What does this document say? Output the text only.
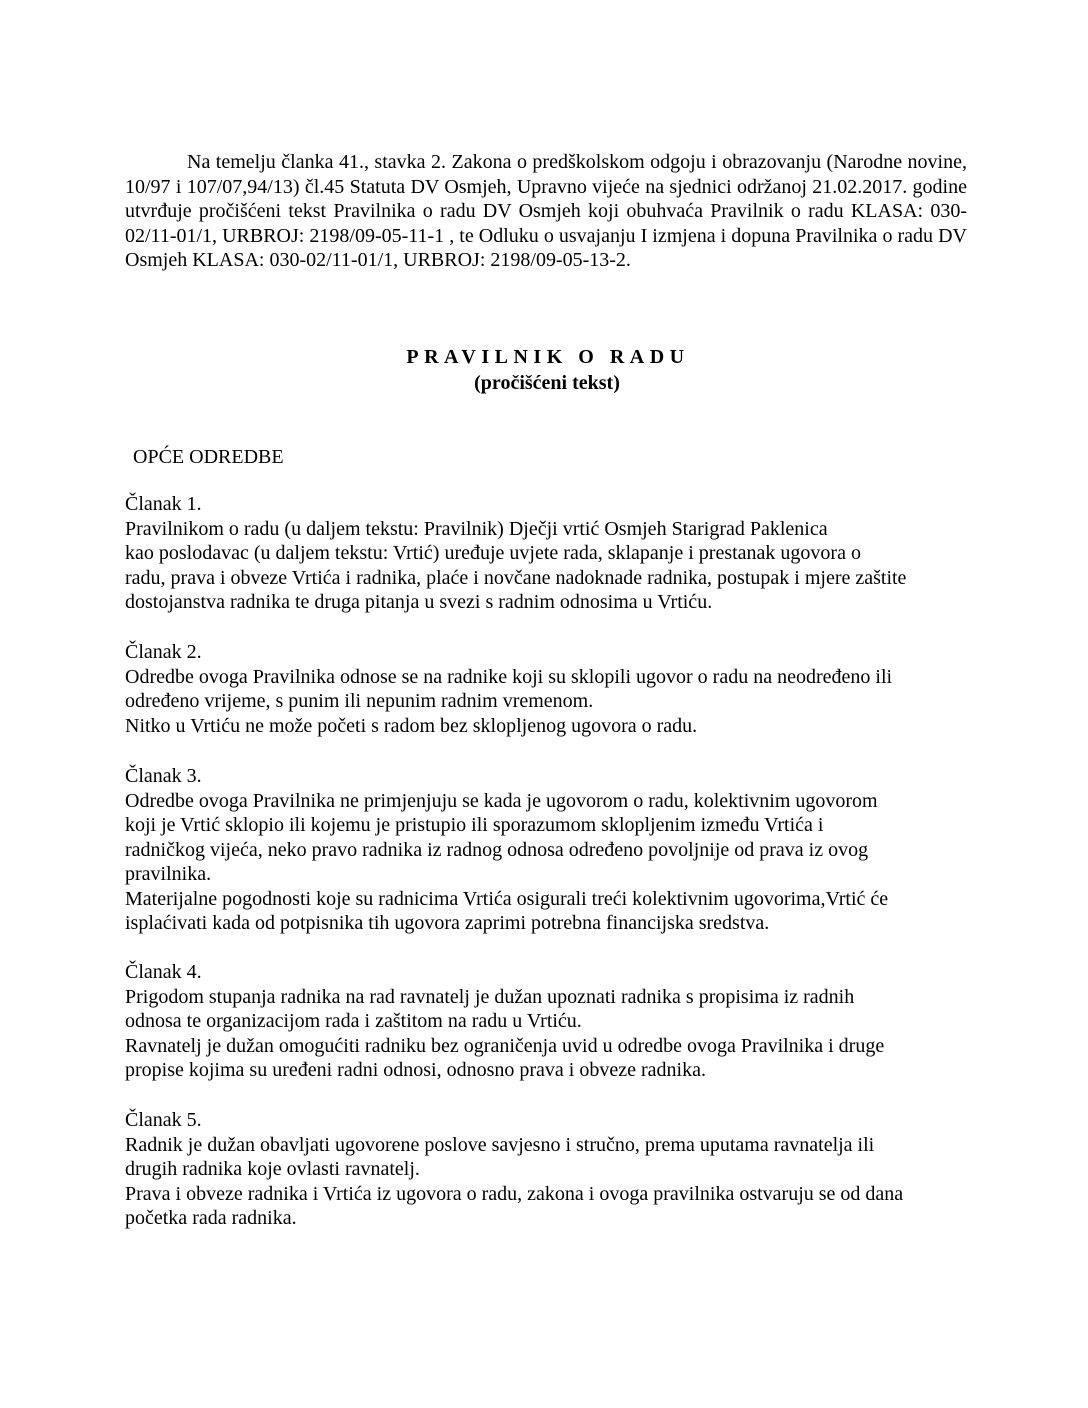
Na temelju članka 41., stavka 2. Zakona o predškolskom odgoju i obrazovanju (Narodne novine, 10/97 i 107/07,94/13) čl.45 Statuta DV Osmjeh, Upravno vijeće na sjednici održanoj 21.02.2017. godine utvrđuje pročišćeni tekst Pravilnika o radu DV Osmjeh koji obuhvaća Pravilnik o radu KLASA: 030-02/11-01/1, URBROJ: 2198/09-05-11-1 , te Odluku o usvajanju I izmjena i dopuna Pravilnika o radu DV Osmjeh KLASA: 030-02/11-01/1, URBROJ: 2198/09-05-13-2.

PRAVILNIK O RADU

(pročišćeni tekst)

OPĆE ODREDBE

Članak 1.

Pravilnikom o radu (u daljem tekstu: Pravilnik) Dječji vrtić Osmjeh Starigrad Paklenica

kao poslodavac (u daljem tekstu: Vrtić) uređuje uvjete rada, sklapanje i prestanak ugovora o

radu, prava i obveze Vrtića i radnika, plaće i novčane nadoknade radnika, postupak i mjere zaštite

dostojanstva radnika te druga pitanja u svezi s radnim odnosima u Vrtiću.

Članak 2.

Odredbe ovoga Pravilnika odnose se na radnike koji su sklopili ugovor o radu na neodređeno ili

određeno vrijeme, s punim ili nepunim radnim vremenom.

Nitko u Vrtiću ne može početi s radom bez sklopljenog ugovora o radu.

Članak 3.

Odredbe ovoga Pravilnika ne primjenjuju se kada je ugovorom o radu, kolektivnim ugovorom

koji je Vrtić sklopio ili kojemu je pristupio ili sporazumom sklopljenim između Vrtića i

radničkog vijeća, neko pravo radnika iz radnog odnosa određeno povoljnije od prava iz ovog

pravilnika.

Materijalne pogodnosti koje su radnicima Vrtića osigurali treći kolektivnim ugovorima,Vrtić će

isplaćivati kada od potpisnika tih ugovora zaprimi potrebna financijska sredstva.

Članak 4.

Prigodom stupanja radnika na rad ravnatelj je dužan upoznati radnika s propisima iz radnih

odnosa te organizacijom rada i zaštitom na radu u Vrtiću.

Ravnatelj je dužan omogućiti radniku bez ograničenja uvid u odredbe ovoga Pravilnika i druge

propise kojima su uređeni radni odnosi, odnosno prava i obveze radnika.

Članak 5.

Radnik je dužan obavljati ugovorene poslove savjesno i stručno, prema uputama ravnatelja ili

drugih radnika koje ovlasti ravnatelj.

Prava i obveze radnika i Vrtića iz ugovora o radu, zakona i ovoga pravilnika ostvaruju se od dana

početka rada radnika.
